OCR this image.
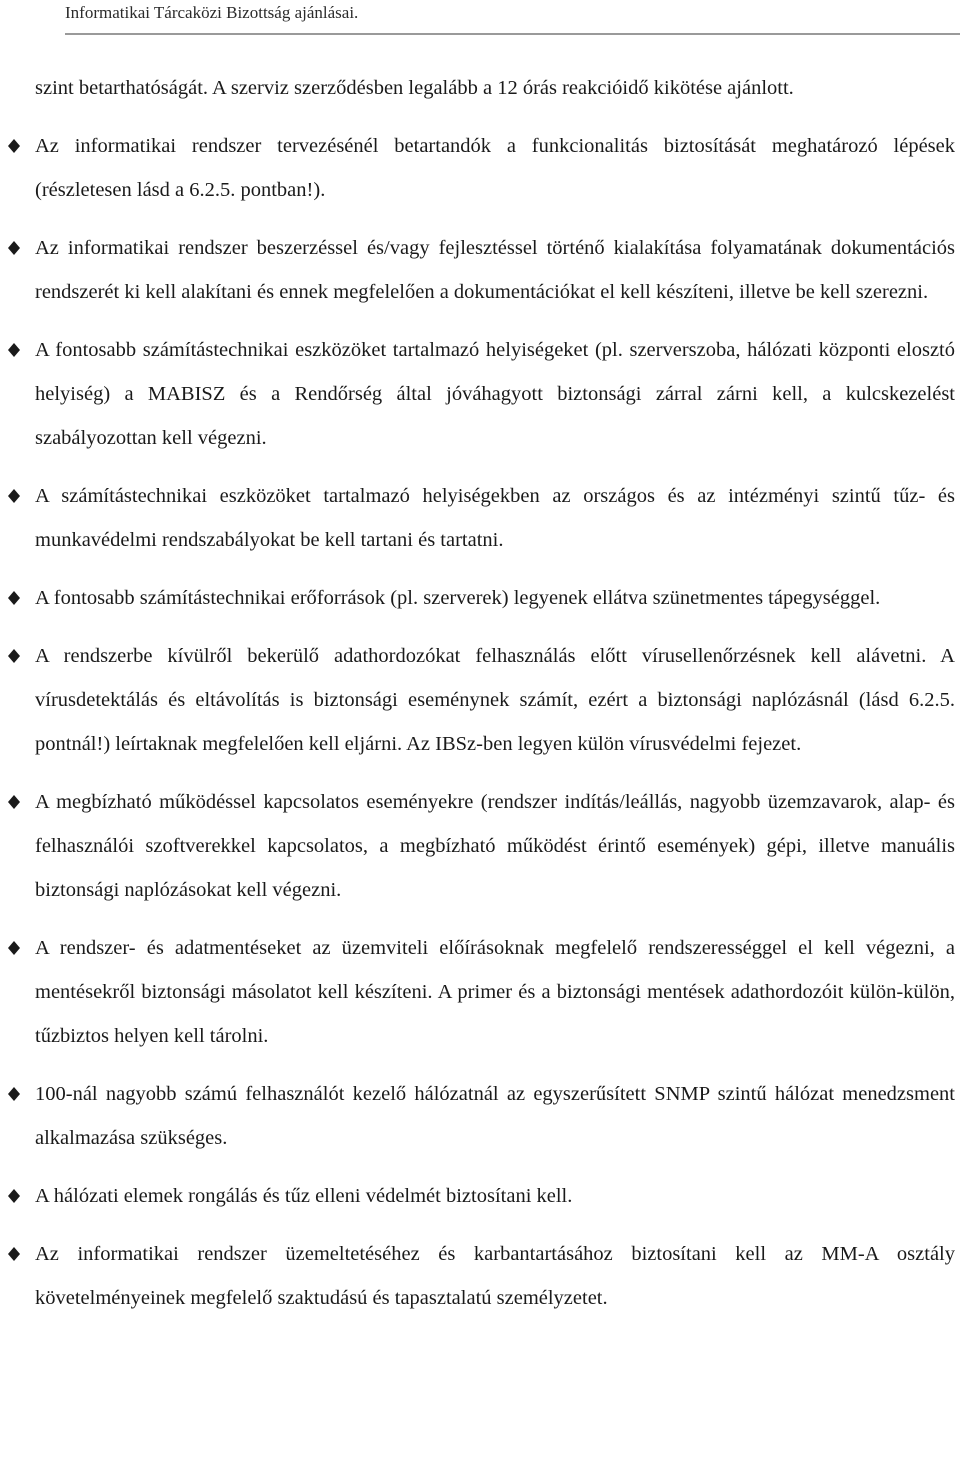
Informatikai Tárcaközi Bizottság ajánlásai.

szint betarthatóságát. A szerviz szerződésben legalább a 12 órás reakcióidő kikötése ajánlott.

Az informatikai rendszer tervezésénél betartandók a funkcionalitás biztosítását meghatározó lépések (részletesen lásd a 6.2.5. pontban!).
Az informatikai rendszer beszerzéssel és/vagy fejlesztéssel történő kialakítása folyamatának dokumentációs rendszerét ki kell alakítani és ennek megfelelően a dokumentációkat el kell készíteni, illetve be kell szerezni.
A fontosabb számítástechnikai eszközöket tartalmazó helyiségeket (pl. szerverszoba, hálózati központi elosztó helyiség) a MABISZ és a Rendőrség által jóváhagyott biztonsági zárral zárni kell, a kulcskezelést szabályozottan kell végezni.
A számítástechnikai eszközöket tartalmazó helyiségekben az országos és az intézményi szintű tűz- és munkavédelmi rendszabályokat be kell tartani és tartatni.
A fontosabb számítástechnikai erőforrások (pl. szerverek) legyenek ellátva szünetmentes tápegységgel.
A rendszerbe kívülről bekerülő adathordozókat felhasználás előtt vírusellenőrzésnek kell alávetni. A vírusdetektálás és eltávolítás is biztonsági eseménynek számít, ezért a biztonsági naplózásnál (lásd 6.2.5. pontnál!) leírtaknak megfelelően kell eljárni. Az IBSz-ben legyen külön vírusvédelmi fejezet.
A megbízható működéssel kapcsolatos eseményekre (rendszer indítás/leállás, nagyobb üzemzavarok, alap- és felhasználói szoftverekkel kapcsolatos, a megbízható működést érintő események) gépi, illetve manuális biztonsági naplózásokat kell végezni.
A rendszer- és adatmentéseket az üzemviteli előírásoknak megfelelő rendszerességgel el kell végezni, a mentésekről biztonsági másolatot kell készíteni. A primer és a biztonsági mentések adathordozóit külön-külön, tűzbiztos helyen kell tárolni.
100-nál nagyobb számú felhasználót kezelő hálózatnál az egyszerűsített SNMP szintű hálózat menedzsment alkalmazása szükséges.
A hálózati elemek rongálás és tűz elleni védelmét biztosítani kell.
Az informatikai rendszer üzemeltetéséhez és karbantartásához biztosítani kell az MM-A osztály követelményeinek megfelelő szaktudású és tapasztalatú személyzetet.
